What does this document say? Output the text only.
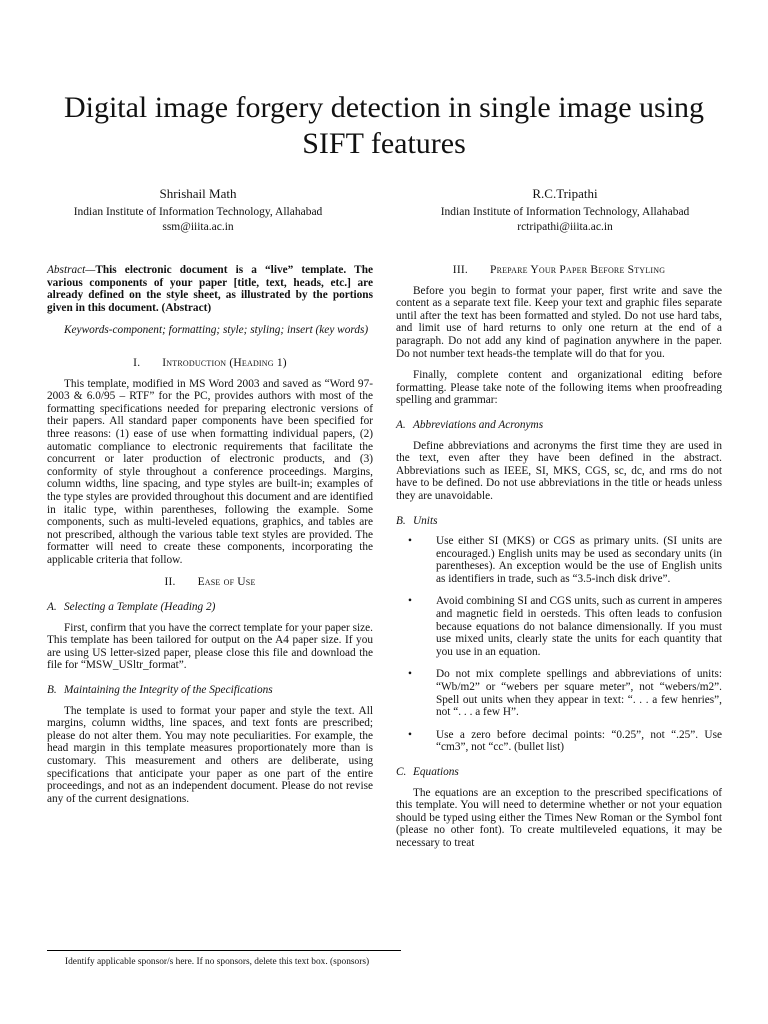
Digital image forgery detection in single image using SIFT features
Shrishail Math
Indian Institute of Information Technology, Allahabad
ssm@iiita.ac.in
R.C.Tripathi
Indian Institute of Information Technology, Allahabad
rctripathi@iiita.ac.in

Abstract—This electronic document is a “live” template. The various components of your paper [title, text, heads, etc.] are already defined on the style sheet, as illustrated by the portions given in this document. (Abstract)

Keywords-component; formatting; style; styling; insert (key words)

I. Introduction (Heading 1)

This template, modified in MS Word 2003 and saved as “Word 97-2003 & 6.0/95 – RTF” for the PC, provides authors with most of the formatting specifications needed for preparing electronic versions of their papers. All standard paper components have been specified for three reasons: (1) ease of use when formatting individual papers, (2) automatic compliance to electronic requirements that facilitate the concurrent or later production of electronic products, and (3) conformity of style throughout a conference proceedings. Margins, column widths, line spacing, and type styles are built-in; examples of the type styles are provided throughout this document and are identified in italic type, within parentheses, following the example. Some components, such as multi-leveled equations, graphics, and tables are not prescribed, although the various table text styles are provided. The formatter will need to create these components, incorporating the applicable criteria that follow.

II. Ease of Use
A. Selecting a Template (Heading 2)

First, confirm that you have the correct template for your paper size. This template has been tailored for output on the A4 paper size. If you are using US letter-sized paper, please close this file and download the file for “MSW_USltr_format”.

B. Maintaining the Integrity of the Specifications

The template is used to format your paper and style the text. All margins, column widths, line spaces, and text fonts are prescribed; please do not alter them. You may note peculiarities. For example, the head margin in this template measures proportionately more than is customary. This measurement and others are deliberate, using specifications that anticipate your paper as one part of the entire proceedings, and not as an independent document. Please do not revise any of the current designations.

III. Prepare Your Paper Before Styling

Before you begin to format your paper, first write and save the content as a separate text file. Keep your text and graphic files separate until after the text has been formatted and styled. Do not use hard tabs, and limit use of hard returns to only one return at the end of a paragraph. Do not add any kind of pagination anywhere in the paper. Do not number text heads-the template will do that for you.

Finally, complete content and organizational editing before formatting. Please take note of the following items when proofreading spelling and grammar:

A. Abbreviations and Acronyms

Define abbreviations and acronyms the first time they are used in the text, even after they have been defined in the abstract. Abbreviations such as IEEE, SI, MKS, CGS, sc, dc, and rms do not have to be defined. Do not use abbreviations in the title or heads unless they are unavoidable.

B. Units
• Use either SI (MKS) or CGS as primary units. (SI units are encouraged.) English units may be used as secondary units (in parentheses). An exception would be the use of English units as identifiers in trade, such as “3.5-inch disk drive”.
• Avoid combining SI and CGS units, such as current in amperes and magnetic field in oersteds. This often leads to confusion because equations do not balance dimensionally. If you must use mixed units, clearly state the units for each quantity that you use in an equation.
• Do not mix complete spellings and abbreviations of units: “Wb/m2” or “webers per square meter”, not “webers/m2”. Spell out units when they appear in text: “. . . a few henries”, not “. . . a few H”.
• Use a zero before decimal points: “0.25”, not “.25”. Use “cm3”, not “cc”. (bullet list)
C. Equations

The equations are an exception to the prescribed specifications of this template. You will need to determine whether or not your equation should be typed using either the Times New Roman or the Symbol font (please no other font). To create multileveled equations, it may be necessary to treat

Identify applicable sponsor/s here. If no sponsors, delete this text box. (sponsors)
